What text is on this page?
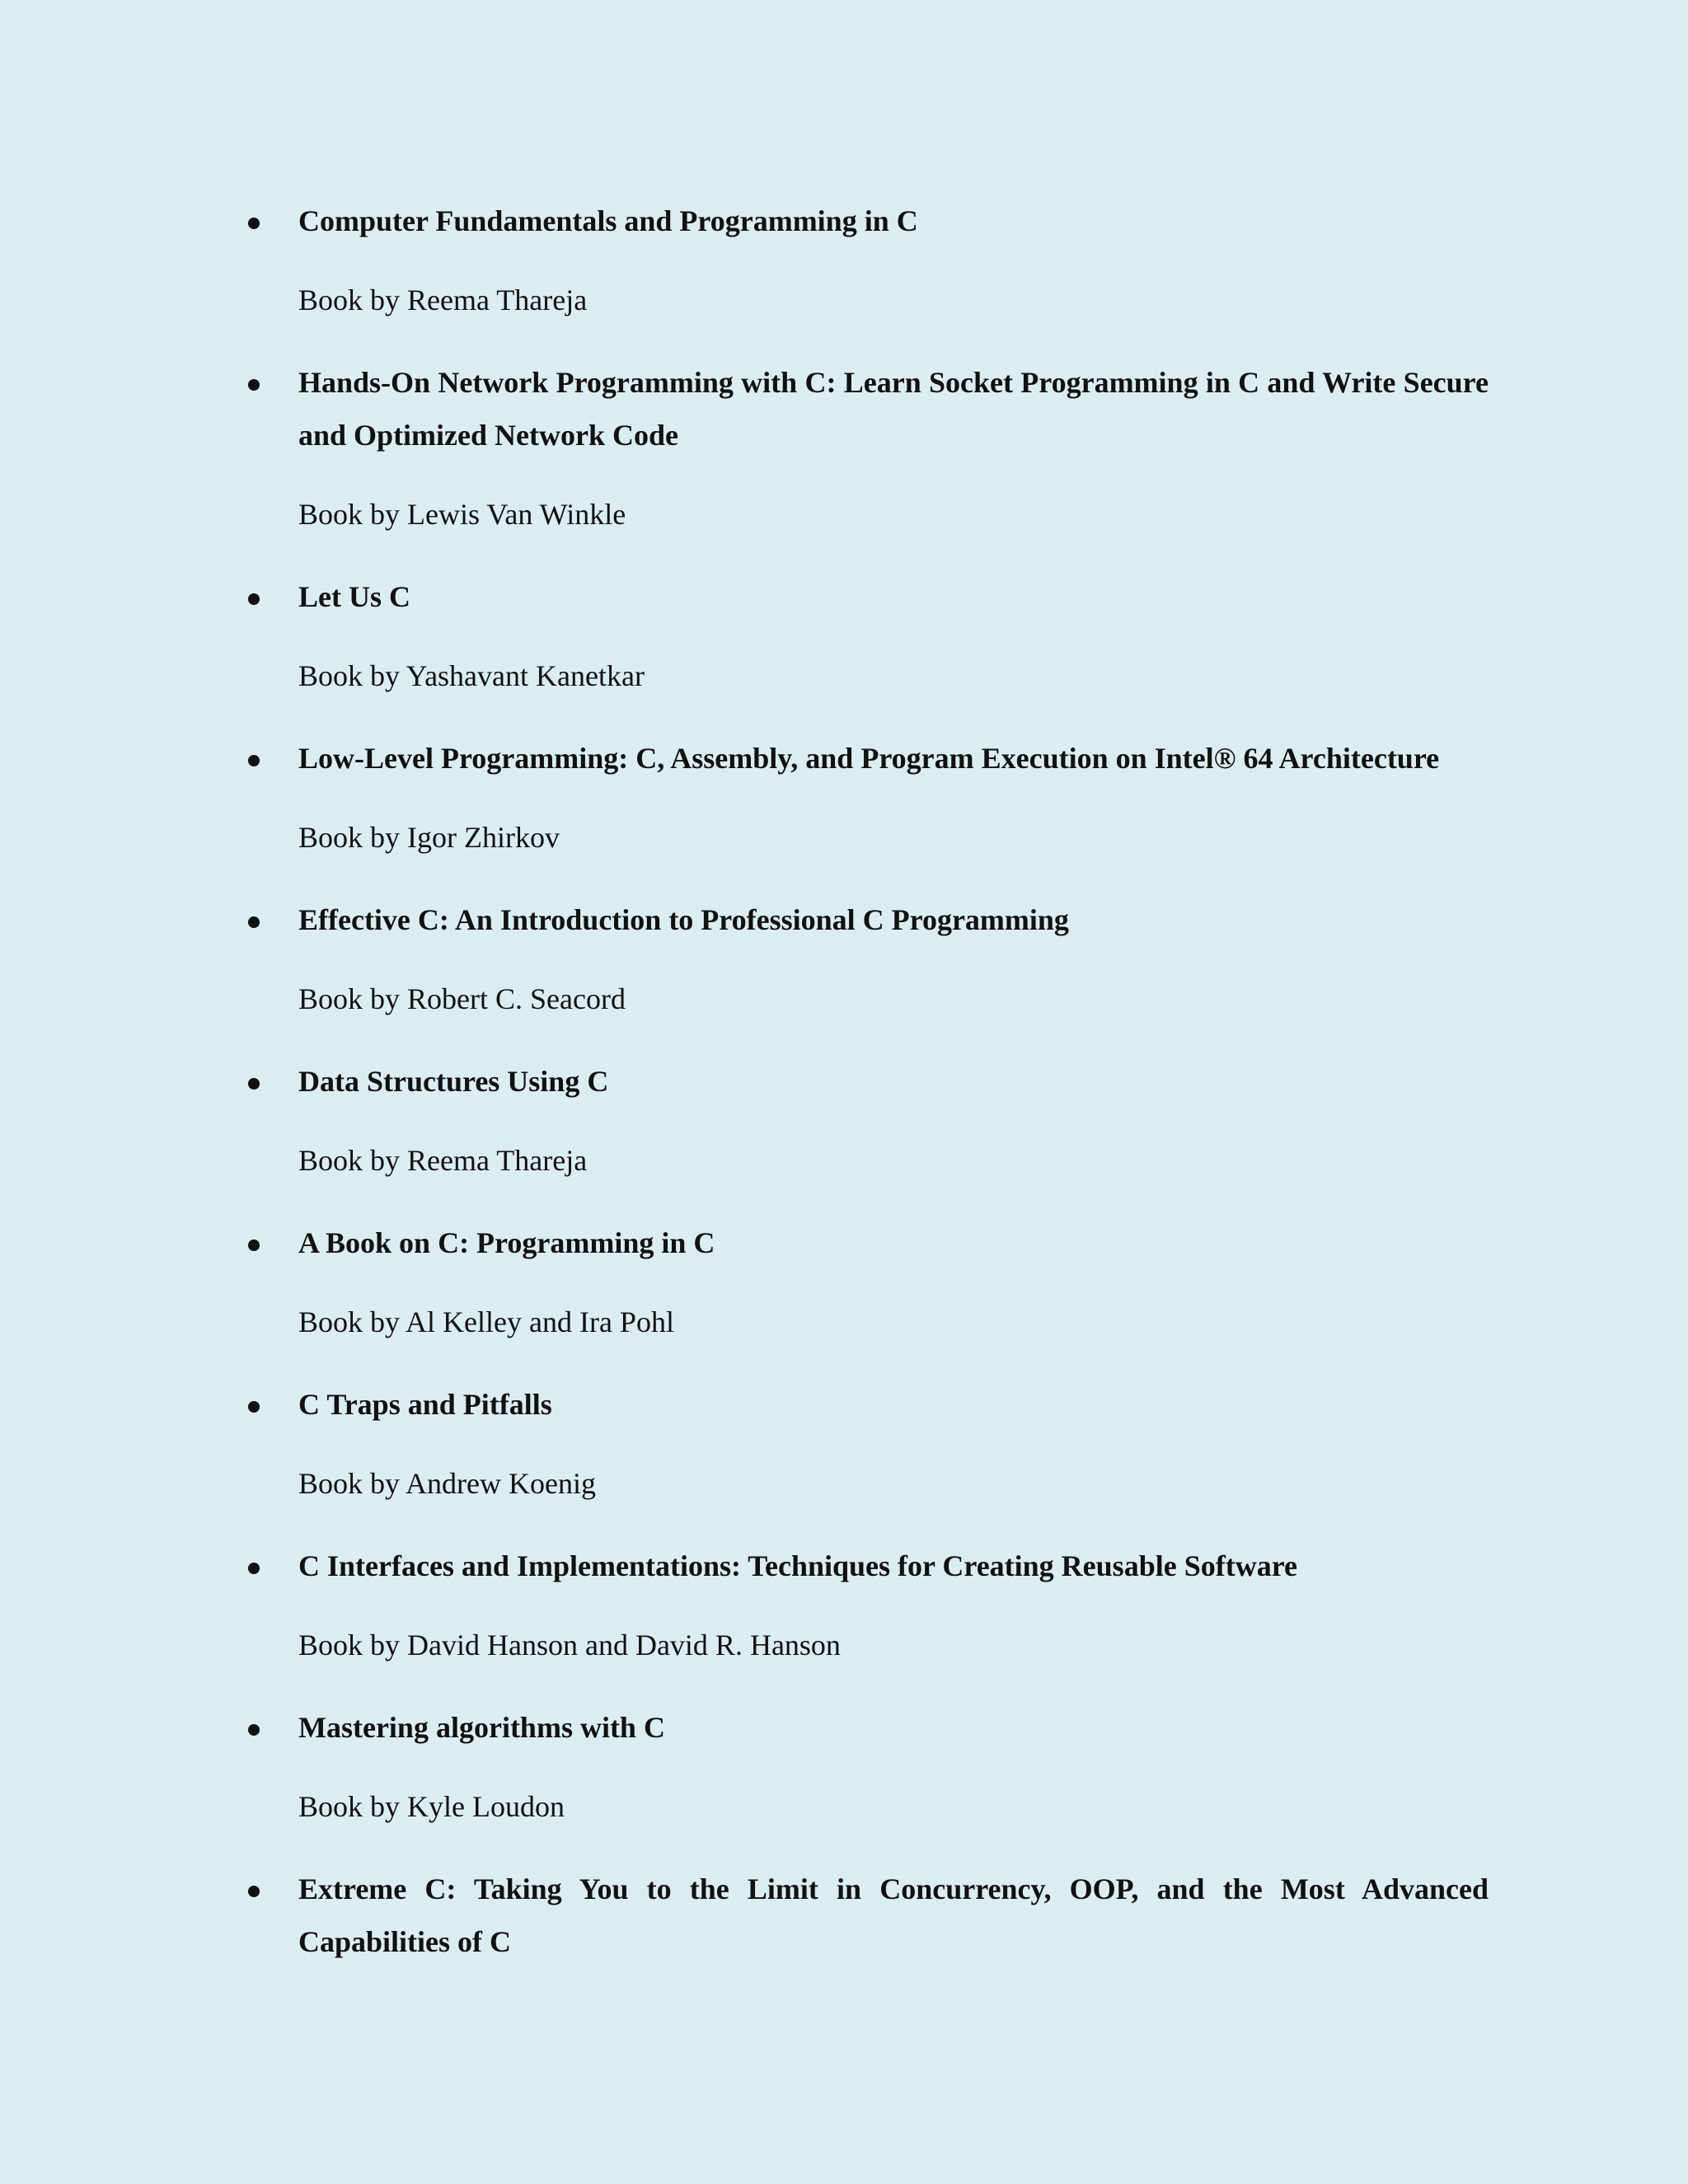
Computer Fundamentals and Programming in C
Book by Reema Thareja
Hands-On Network Programming with C: Learn Socket Programming in C and Write Secure and Optimized Network Code
Book by Lewis Van Winkle
Let Us C
Book by Yashavant Kanetkar
Low-Level Programming: C, Assembly, and Program Execution on Intel® 64 Architecture
Book by Igor Zhirkov
Effective C: An Introduction to Professional C Programming
Book by Robert C. Seacord
Data Structures Using C
Book by Reema Thareja
A Book on C: Programming in C
Book by Al Kelley and Ira Pohl
C Traps and Pitfalls
Book by Andrew Koenig
C Interfaces and Implementations: Techniques for Creating Reusable Software
Book by David Hanson and David R. Hanson
Mastering algorithms with C
Book by Kyle Loudon
Extreme C: Taking You to the Limit in Concurrency, OOP, and the Most Advanced Capabilities of C
